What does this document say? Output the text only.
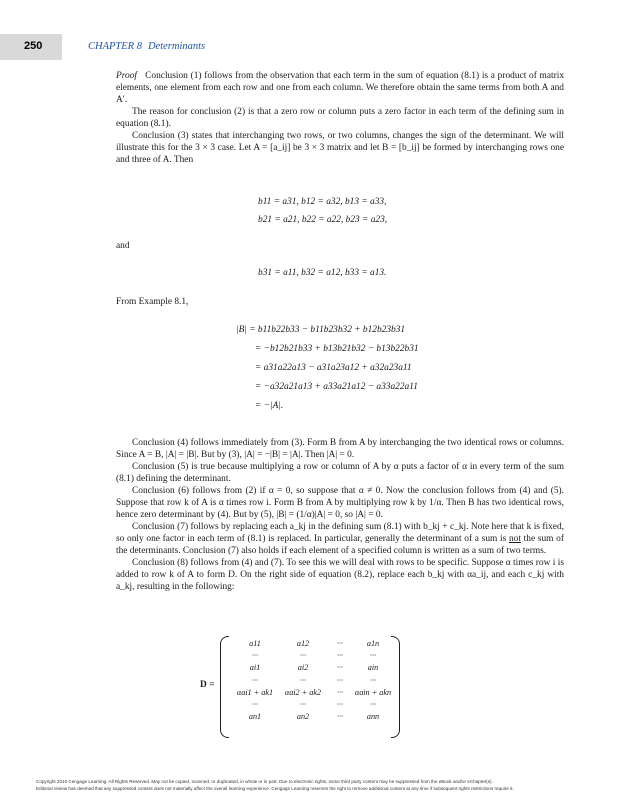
250	CHAPTER 8 Determinants

Proof Conclusion (1) follows from the observation that each term in the sum of equation (8.1) is a product of matrix elements, one element from each row and one from each column. We therefore obtain the same terms from both A and A′.

The reason for conclusion (2) is that a zero row or column puts a zero factor in each term of the defining sum in equation (8.1).

Conclusion (3) states that interchanging two rows, or two columns, changes the sign of the determinant. We will illustrate this for the 3 × 3 case. Let A = [a_ij] be 3 × 3 matrix and let B = [b_ij] be formed by interchanging rows one and three of A. Then

b11 = a31, b12 = a32, b13 = a33,
b21 = a21, b22 = a22, b23 = a23,
and
b31 = a11, b32 = a12, b33 = a13.
From Example 8.1,
|B| = b11b22b33 − b11b23b32 + b12b23b31
= −b12b21b33 + b13b21b32 − b13b22b31
= a31a22a13 − a31a23a12 + a32a23a11
= −a32a21a13 + a33a21a12 − a33a22a11
= −|A|.

Conclusion (4) follows immediately from (3). Form B from A by interchanging the two identical rows or columns. Since A = B, |A| = |B|. But by (3), |A| = −|B| = |A|. Then |A| = 0.

Conclusion (5) is true because multiplying a row or column of A by α puts a factor of α in every term of the sum (8.1) defining the determinant.

Conclusion (6) follows from (2) if α = 0, so suppose that α ≠ 0. Now the conclusion follows from (4) and (5). Suppose that row k of A is α times row i. Form B from A by multiplying row k by 1/α. Then B has two identical rows, hence zero determinant by (4). But by (5), |B| = (1/α)|A| = 0, so |A| = 0.

Conclusion (7) follows by replacing each a_kj in the defining sum (8.1) with b_kj + c_kj. Note here that k is fixed, so only one factor in each term of (8.1) is replaced. In particular, generally the determinant of a sum is not the sum of the determinants. Conclusion (7) also holds if each element of a specified column is written as a sum of two terms.

Conclusion (8) follows from (4) and (7). To see this we will deal with rows to be specific. Suppose α times row i is added to row k of A to form D. On the right side of equation (8.2), replace each b_kj with αa_ij, and each c_kj with a_kj, resulting in the following:

D =
a11	a12	···	a1n
···	···	···	···
ai1	ai2	···	ain
···	···	···	···
αai1 + ak1	αai2 + ak2	···	αain + akn
···	···	···	···
an1	an2	···	ann
Copyright 2010 Cengage Learning. All Rights Reserved. May not be copied, scanned, or duplicated, in whole or in part. Due to electronic rights, some third party content may be suppressed from the eBook and/or eChapter(s).
Editorial review has deemed that any suppressed content does not materially affect the overall learning experience. Cengage Learning reserves the right to remove additional content at any time if subsequent rights restrictions require it.
